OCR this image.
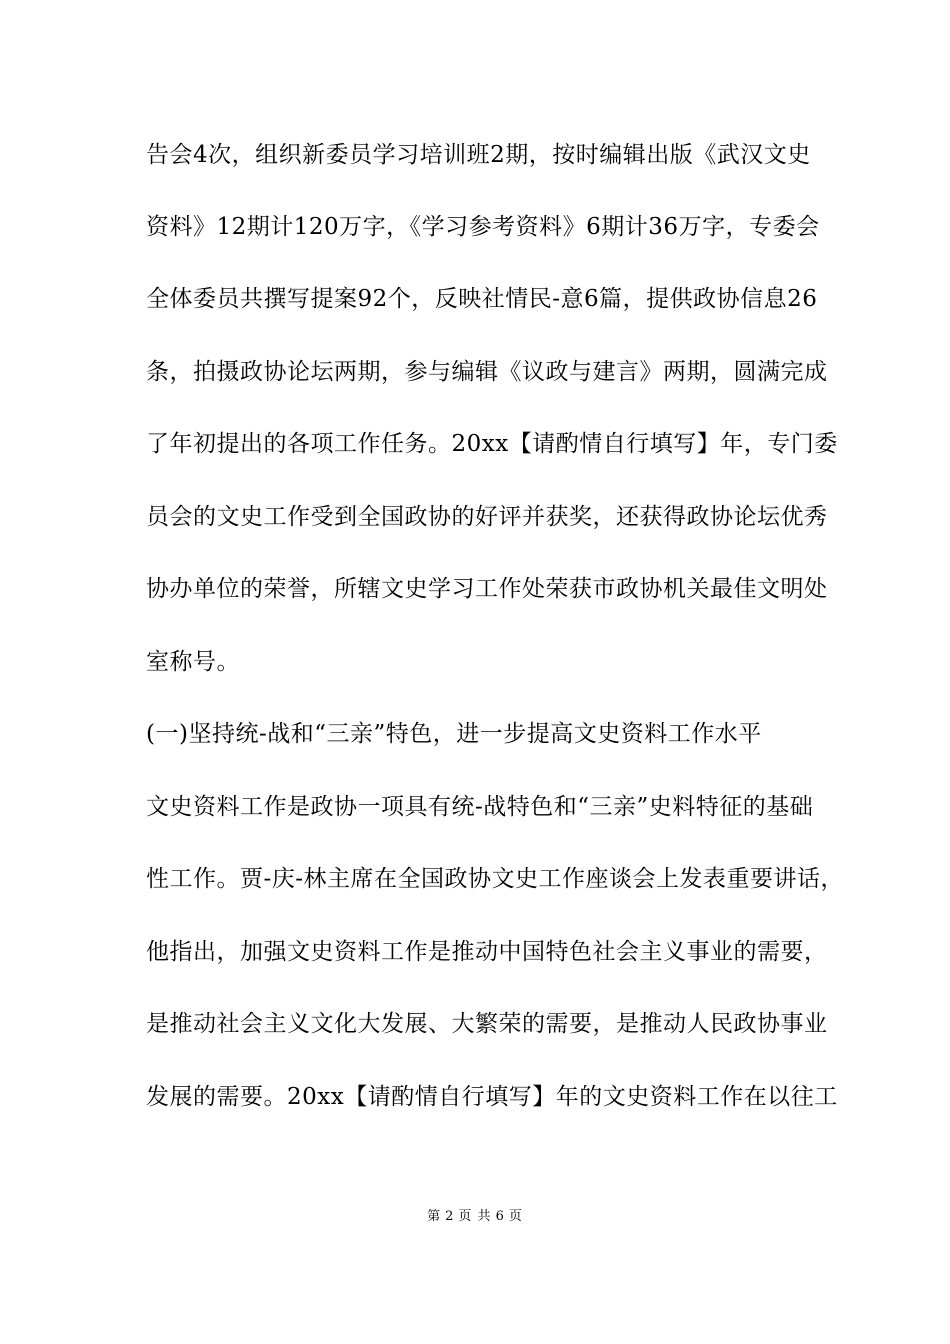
告会4次，组织新委员学习培训班2期，按时编辑出版《武汉文史
资料》12期计120万字，《学习参考资料》6期计36万字，专委会
全体委员共撰写提案92个，反映社情民-意6篇，提供政协信息26
条，拍摄政协论坛两期，参与编辑《议政与建言》两期，圆满完成
了年初提出的各项工作任务。20xx【请酌情自行填写】年，专门委
员会的文史工作受到全国政协的好评并获奖，还获得政协论坛优秀
协办单位的荣誉，所辖文史学习工作处荣获市政协机关最佳文明处
室称号。
(一)坚持统-战和“三亲”特色，进一步提高文史资料工作水平
文史资料工作是政协一项具有统-战特色和“三亲”史料特征的基础
性工作。贾-庆-林主席在全国政协文史工作座谈会上发表重要讲话，
他指出，加强文史资料工作是推动中国特色社会主义事业的需要，
是推动社会主义文化大发展、大繁荣的需要，是推动人民政协事业
发展的需要。20xx【请酌情自行填写】年的文史资料工作在以往工
第 2 页 共 6 页
